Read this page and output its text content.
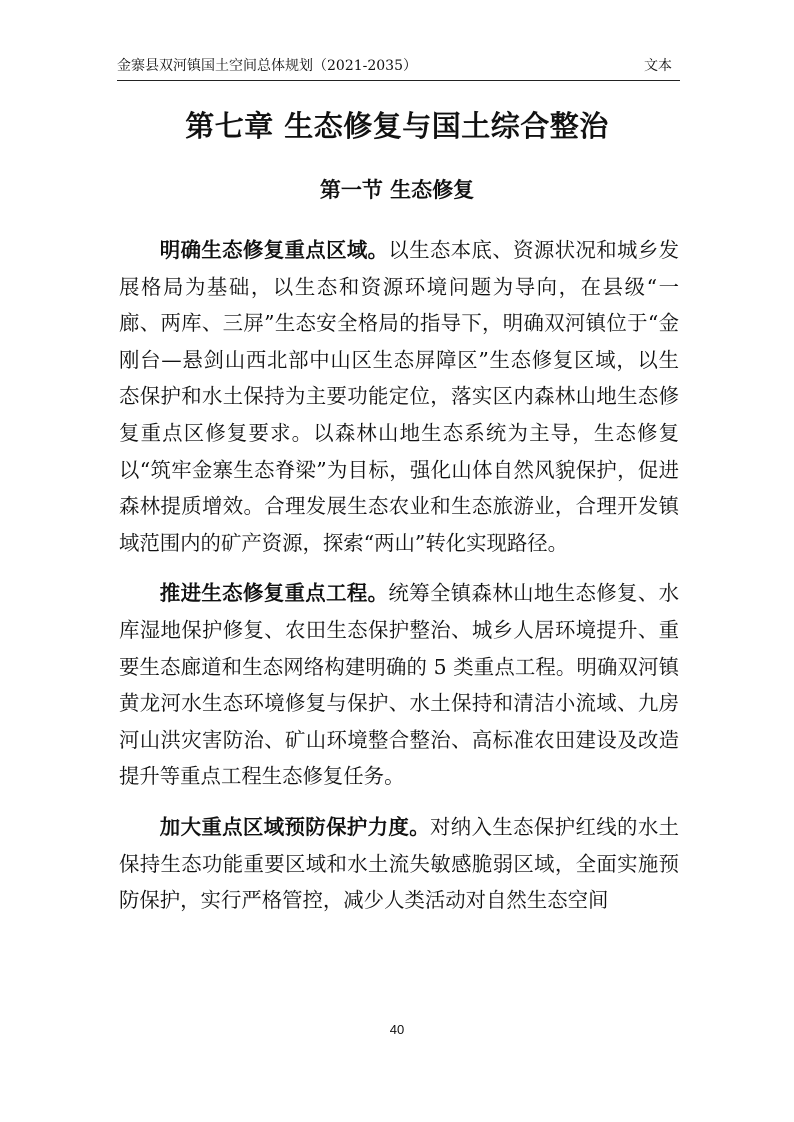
金寨县双河镇国土空间总体规划（2021-2035）	文本
第七章 生态修复与国土综合整治
第一节 生态修复

明确生态修复重点区域。以生态本底、资源状况和城乡发展格局为基础，以生态和资源环境问题为导向，在县级“一廊、两库、三屏”生态安全格局的指导下，明确双河镇位于“金刚台—悬剑山西北部中山区生态屏障区”生态修复区域，以生态保护和水土保持为主要功能定位，落实区内森林山地生态修复重点区修复要求。以森林山地生态系统为主导，生态修复以“筑牢金寨生态脊梁”为目标，强化山体自然风貌保护，促进森林提质增效。合理发展生态农业和生态旅游业，合理开发镇域范围内的矿产资源，探索“两山”转化实现路径。

推进生态修复重点工程。统筹全镇森林山地生态修复、水库湿地保护修复、农田生态保护整治、城乡人居环境提升、重要生态廊道和生态网络构建明确的 5 类重点工程。明确双河镇黄龙河水生态环境修复与保护、水土保持和清洁小流域、九房河山洪灾害防治、矿山环境整合整治、高标准农田建设及改造提升等重点工程生态修复任务。

加大重点区域预防保护力度。对纳入生态保护红线的水土保持生态功能重要区域和水土流失敏感脆弱区域，全面实施预防保护，实行严格管控，减少人类活动对自然生态空间

40
